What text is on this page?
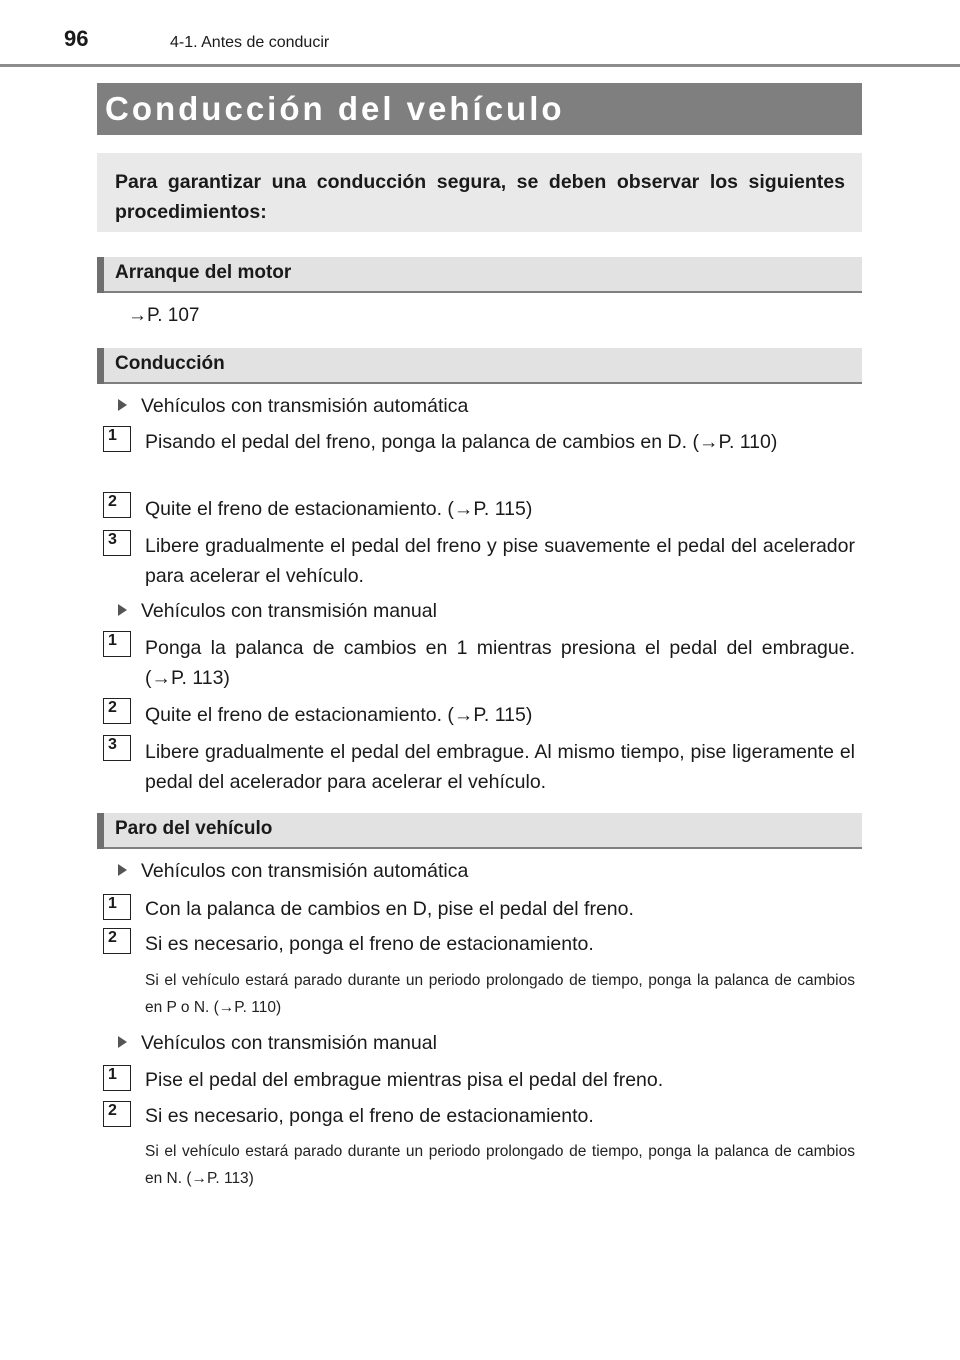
96	4-1. Antes de conducir
Conducción del vehículo

Para garantizar una conducción segura, se deben observar los siguientes procedimientos:

Arranque del motor
→P. 107
Conducción
Vehículos con transmisión automática
1	Pisando el pedal del freno, ponga la palanca de cambios en D. (→P. 110)

2	Quite el freno de estacionamiento. (→P. 115)

3	Libere gradualmente el pedal del freno y pise suavemente el pedal del acelerador para acelerar el vehículo.

Vehículos con transmisión manual
1	Ponga la palanca de cambios en 1 mientras presiona el pedal del embrague. (→P. 113)

2	Quite el freno de estacionamiento. (→P. 115)

3	Libere gradualmente el pedal del embrague. Al mismo tiempo, pise ligeramente el pedal del acelerador para acelerar el vehículo.

Paro del vehículo
Vehículos con transmisión automática
1	Con la palanca de cambios en D, pise el pedal del freno.

2	Si es necesario, ponga el freno de estacionamiento.

Si el vehículo estará parado durante un periodo prolongado de tiempo, ponga la palanca de cambios en P o N. (→P. 110)

Vehículos con transmisión manual
1	Pise el pedal del embrague mientras pisa el pedal del freno.

2	Si es necesario, ponga el freno de estacionamiento.

Si el vehículo estará parado durante un periodo prolongado de tiempo, ponga la palanca de cambios en N. (→P. 113)
